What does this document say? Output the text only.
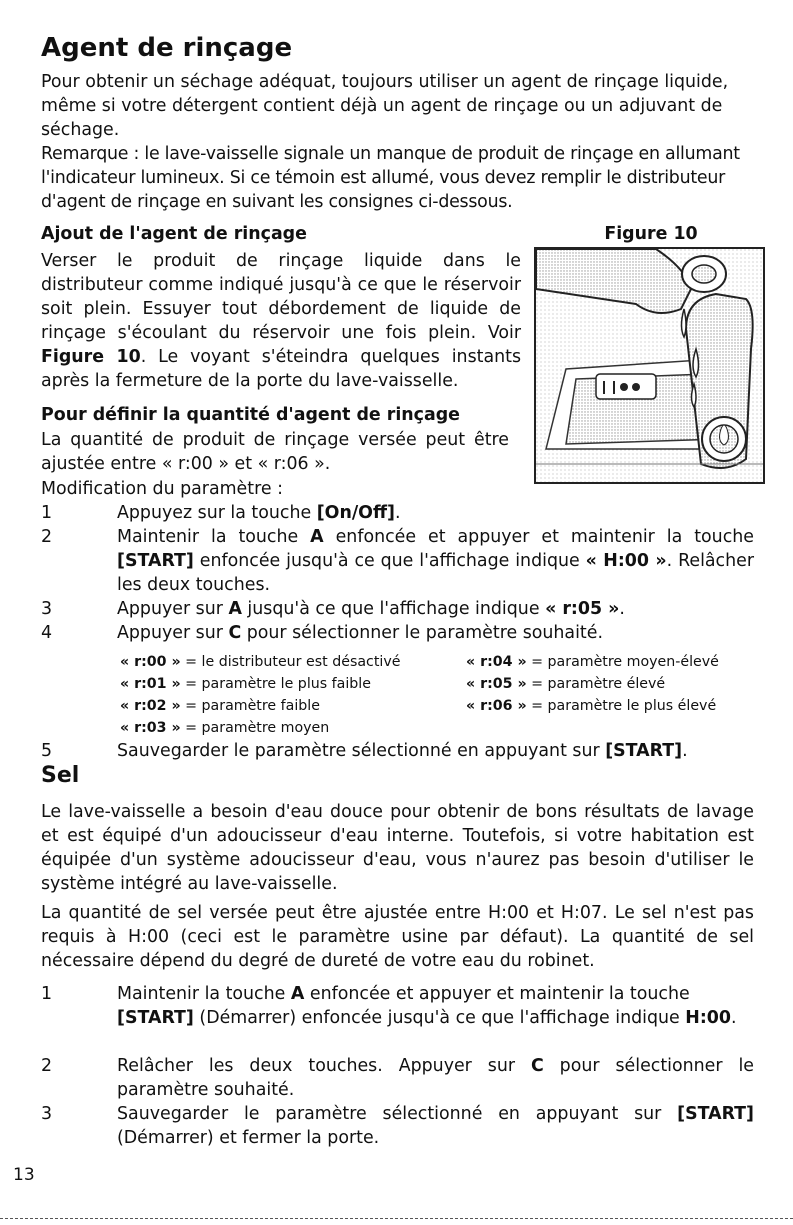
Agent de rinçage
Pour obtenir un séchage adéquat, toujours utiliser un agent de rinçage liquide, même si votre détergent contient déjà un agent de rinçage ou un adjuvant de séchage.
Remarque : le lave-vaisselle signale un manque de produit de rinçage en allumant l'indicateur lumineux. Si ce témoin est allumé, vous devez remplir le distributeur d'agent de rinçage en suivant les consignes ci-dessous.
Ajout de l'agent de rinçage	Figure 10
Verser le produit de rinçage liquide dans le distributeur comme indiqué jusqu'à ce que le réservoir soit plein. Essuyer tout débordement de liquide de rinçage s'écoulant du réservoir une fois plein. Voir Figure 10. Le voyant s'éteindra quelques instants après la fermeture de la porte du lave-vaisselle.
Pour définir la quantité d'agent de rinçage
La quantité de produit de rinçage versée peut être ajustée entre « r:00 » et « r:06 ».
Modification du paramètre :
1	Appuyez sur la touche [On/Off].
2	Maintenir la touche A enfoncée et appuyer et maintenir la touche [START] enfoncée jusqu'à ce que l'affichage indique « H:00 ». Relâcher les deux touches.
3	Appuyer sur A jusqu'à ce que l'affichage indique « r:05 ».
4	Appuyer sur C pour sélectionner le paramètre souhaité.
« r:00 » = le distributeur est désactivé
« r:01 » = paramètre le plus faible
« r:02 » = paramètre faible
« r:03 » = paramètre moyen
« r:04 » = paramètre moyen-élevé
« r:05 » = paramètre élevé
« r:06 » = paramètre le plus élevé
5	Sauvegarder le paramètre sélectionné en appuyant sur [START].
Sel
Le lave-vaisselle a besoin d'eau douce pour obtenir de bons résultats de lavage et est équipé d'un adoucisseur d'eau interne. Toutefois, si votre habitation est équipée d'un système adoucisseur d'eau, vous n'aurez pas besoin d'utiliser le système intégré au lave-vaisselle.
La quantité de sel versée peut être ajustée entre H:00 et H:07. Le sel n'est pas requis à H:00 (ceci est le paramètre usine par défaut). La quantité de sel nécessaire dépend du degré de dureté de votre eau du robinet.
1	Maintenir la touche A enfoncée et appuyer et maintenir la touche [START] (Démarrer) enfoncée jusqu'à ce que l'affichage indique H:00.
2	Relâcher les deux touches. Appuyer sur C pour sélectionner le paramètre souhaité.
3	Sauvegarder le paramètre sélectionné en appuyant sur [START] (Démarrer) et fermer la porte.
13
